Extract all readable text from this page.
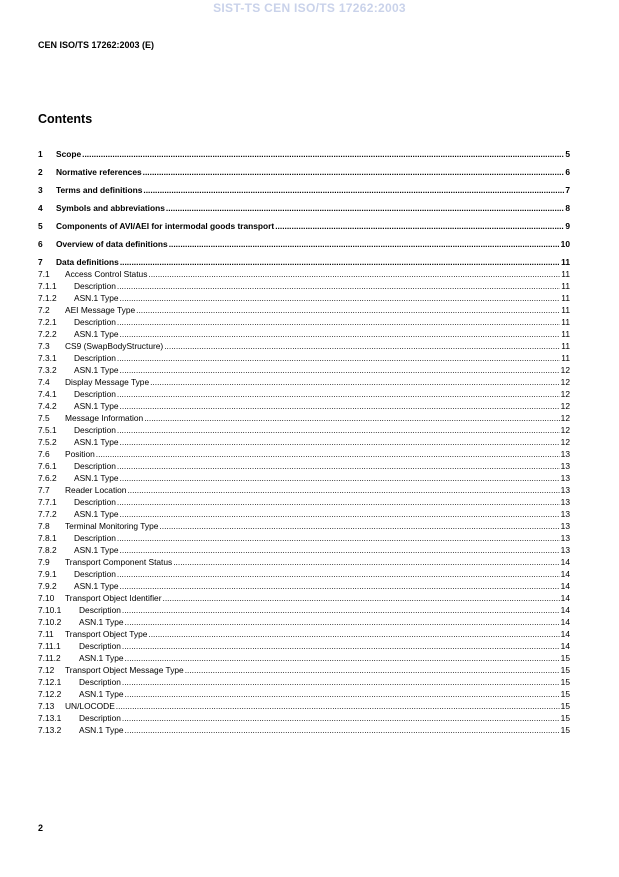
SIST-TS CEN ISO/TS 17262:2003
CEN ISO/TS 17262:2003 (E)
Contents
1	Scope .....	5
2	Normative references .....	6
3	Terms and definitions .....	7
4	Symbols and abbreviations .....	8
5	Components of AVI/AEI for intermodal goods transport .....	9
6	Overview of data definitions .....	10
7	Data definitions .....	11
7.1	Access Control Status .....	11
7.1.1	Description .....	11
7.1.2	ASN.1 Type .....	11
7.2	AEI Message Type .....	11
7.2.1	Description .....	11
7.2.2	ASN.1 Type .....	11
7.3	CS9 (SwapBodyStructure) .....	11
7.3.1	Description .....	11
7.3.2	ASN.1 Type .....	12
7.4	Display Message Type .....	12
7.4.1	Description .....	12
7.4.2	ASN.1 Type .....	12
7.5	Message Information .....	12
7.5.1	Description .....	12
7.5.2	ASN.1 Type .....	12
7.6	Position .....	13
7.6.1	Description .....	13
7.6.2	ASN.1 Type .....	13
7.7	Reader Location .....	13
7.7.1	Description .....	13
7.7.2	ASN.1 Type .....	13
7.8	Terminal Monitoring Type .....	13
7.8.1	Description .....	13
7.8.2	ASN.1 Type .....	13
7.9	Transport Component Status .....	14
7.9.1	Description .....	14
7.9.2	ASN.1 Type .....	14
7.10	Transport Object Identifier .....	14
7.10.1	Description .....	14
7.10.2	ASN.1 Type .....	14
7.11	Transport Object Type .....	14
7.11.1	Description .....	14
7.11.2	ASN.1 Type .....	15
7.12	Transport Object Message Type .....	15
7.12.1	Description .....	15
7.12.2	ASN.1 Type .....	15
7.13	UN/LOCODE .....	15
7.13.1	Description .....	15
7.13.2	ASN.1 Type .....	15
2
